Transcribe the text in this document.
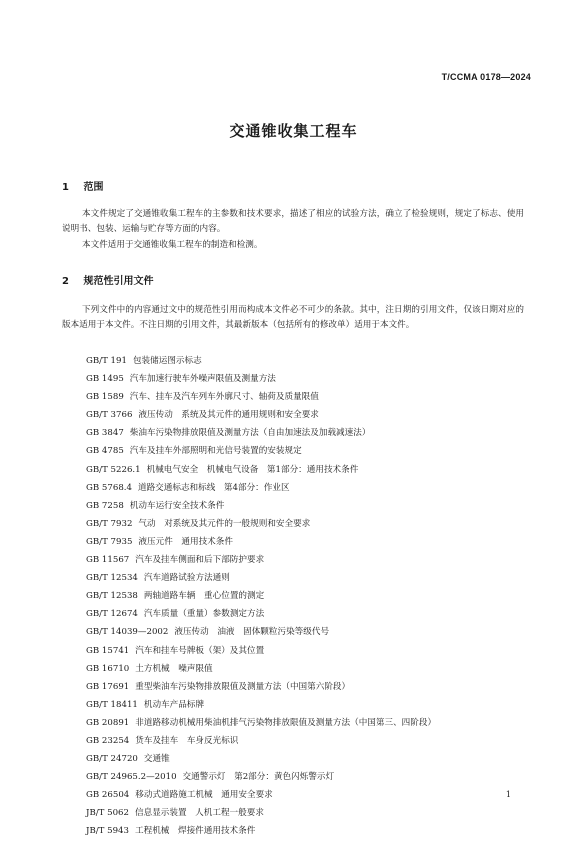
T/CCMA 0178—2024
交通锥收集工程车
1 范围
本文件规定了交通锥收集工程车的主参数和技术要求，描述了相应的试验方法，确立了检验规则，规定了标志、使用说明书、包装、运输与贮存等方面的内容。
本文件适用于交通锥收集工程车的制造和检测。
2 规范性引用文件
下列文件中的内容通过文中的规范性引用而构成本文件必不可少的条款。其中，注日期的引用文件，仅该日期对应的版本适用于本文件。不注日期的引用文件，其最新版本（包括所有的修改单）适用于本文件。
GB/T 191 包装储运图示标志
GB 1495 汽车加速行驶车外噪声限值及测量方法
GB 1589 汽车、挂车及汽车列车外廓尺寸、轴荷及质量限值
GB/T 3766 液压传动　系统及其元件的通用规则和安全要求
GB 3847 柴油车污染物排放限值及测量方法（自由加速法及加载减速法）
GB 4785 汽车及挂车外部照明和光信号装置的安装规定
GB/T 5226.1 机械电气安全　机械电气设备　第1部分：通用技术条件
GB 5768.4 道路交通标志和标线　第4部分：作业区
GB 7258 机动车运行安全技术条件
GB/T 7932 气动　对系统及其元件的一般规则和安全要求
GB/T 7935 液压元件　通用技术条件
GB 11567 汽车及挂车侧面和后下部防护要求
GB/T 12534 汽车道路试验方法通则
GB/T 12538 两轴道路车辆　重心位置的测定
GB/T 12674 汽车质量（重量）参数测定方法
GB/T 14039—2002 液压传动　油液　固体颗粒污染等级代号
GB 15741 汽车和挂车号牌板（架）及其位置
GB 16710 土方机械　噪声限值
GB 17691 重型柴油车污染物排放限值及测量方法（中国第六阶段）
GB/T 18411 机动车产品标牌
GB 20891 非道路移动机械用柴油机排气污染物排放限值及测量方法（中国第三、四阶段）
GB 23254 货车及挂车　车身反光标识
GB/T 24720 交通锥
GB/T 24965.2—2010 交通警示灯　第2部分：黄色闪烁警示灯
GB 26504 移动式道路施工机械　通用安全要求
JB/T 5062 信息显示装置　人机工程一般要求
JB/T 5943 工程机械　焊接件通用技术条件
1
